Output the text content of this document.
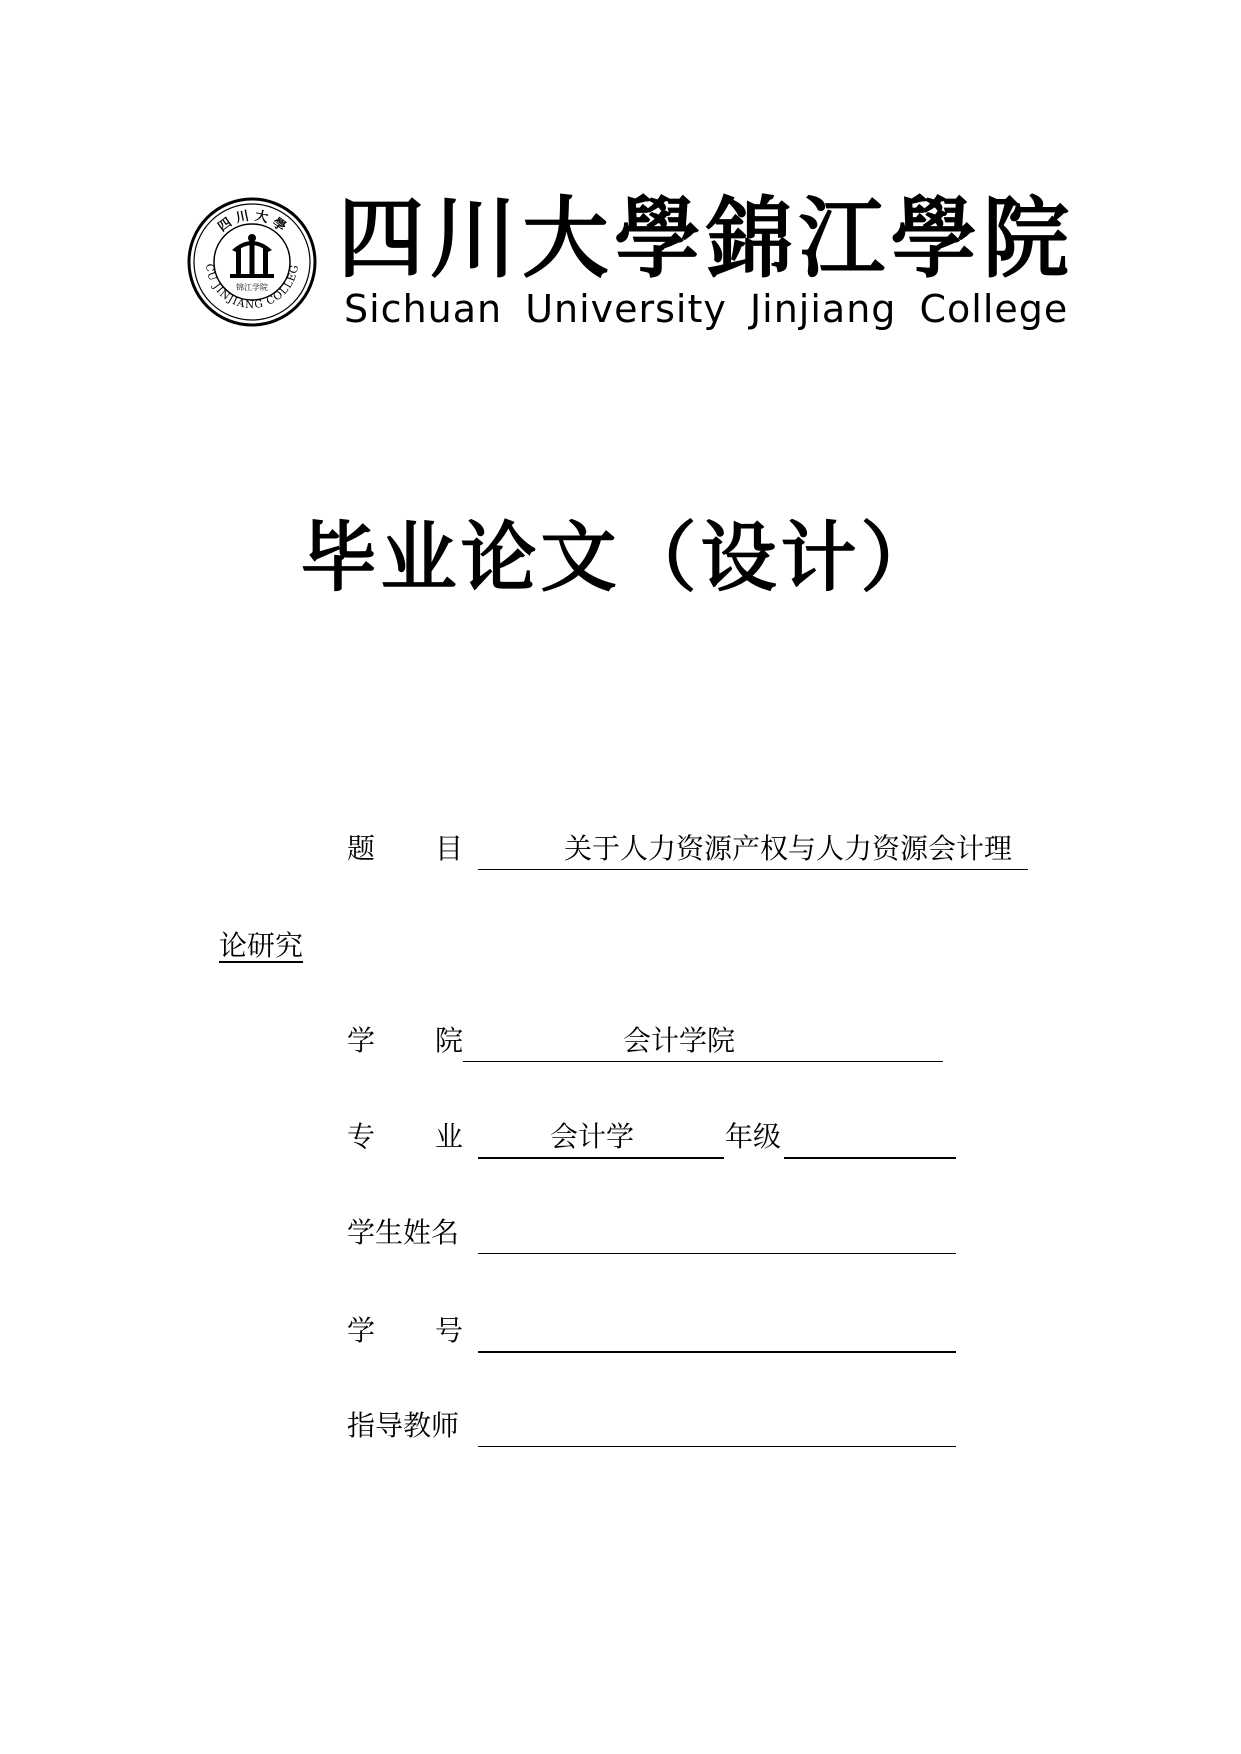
四 川 大 學
CU JINJIANG COLLEG
锦江学院 四川大學錦江學院
Sichuan University Jinjiang College
毕业论文（设计）
题目 关于人力资源产权与人力资源会计理
论研究
学院	会计学院
专业 会计学	年级
学生姓名
学号
指导教师
